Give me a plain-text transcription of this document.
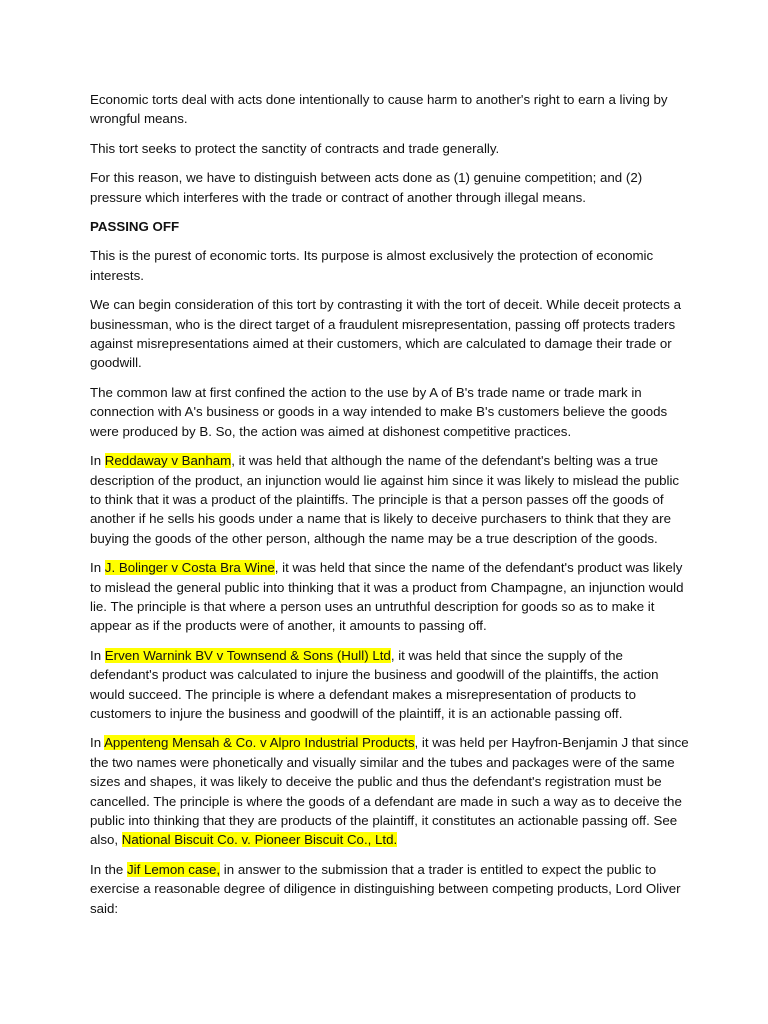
Economic torts deal with acts done intentionally to cause harm to another's right to earn a living by wrongful means.

This tort seeks to protect the sanctity of contracts and trade generally.

For this reason, we have to distinguish between acts done as (1) genuine competition; and (2) pressure which interferes with the trade or contract of another through illegal means.

PASSING OFF

This is the purest of economic torts. Its purpose is almost exclusively the protection of economic interests.

We can begin consideration of this tort by contrasting it with the tort of deceit. While deceit protects a businessman, who is the direct target of a fraudulent misrepresentation, passing off protects traders against misrepresentations aimed at their customers, which are calculated to damage their trade or goodwill.

The common law at first confined the action to the use by A of B's trade name or trade mark in connection with A's business or goods in a way intended to make B's customers believe the goods were produced by B. So, the action was aimed at dishonest competitive practices.

In Reddaway v Banham, it was held that although the name of the defendant's belting was a true description of the product, an injunction would lie against him since it was likely to mislead the public to think that it was a product of the plaintiffs. The principle is that a person passes off the goods of another if he sells his goods under a name that is likely to deceive purchasers to think that they are buying the goods of the other person, although the name may be a true description of the goods.

In J. Bolinger v Costa Bra Wine, it was held that since the name of the defendant's product was likely to mislead the general public into thinking that it was a product from Champagne, an injunction would lie. The principle is that where a person uses an untruthful description for goods so as to make it appear as if the products were of another, it amounts to passing off.

In Erven Warnink BV v Townsend & Sons (Hull) Ltd, it was held that since the supply of the defendant's product was calculated to injure the business and goodwill of the plaintiffs, the action would succeed. The principle is where a defendant makes a misrepresentation of products to customers to injure the business and goodwill of the plaintiff, it is an actionable passing off.

In Appenteng Mensah & Co. v Alpro Industrial Products, it was held per Hayfron-Benjamin J that since the two names were phonetically and visually similar and the tubes and packages were of the same sizes and shapes, it was likely to deceive the public and thus the defendant's registration must be cancelled. The principle is where the goods of a defendant are made in such a way as to deceive the public into thinking that they are products of the plaintiff, it constitutes an actionable passing off. See also, National Biscuit Co. v. Pioneer Biscuit Co., Ltd.

In the Jif Lemon case, in answer to the submission that a trader is entitled to expect the public to exercise a reasonable degree of diligence in distinguishing between competing products, Lord Oliver said:
